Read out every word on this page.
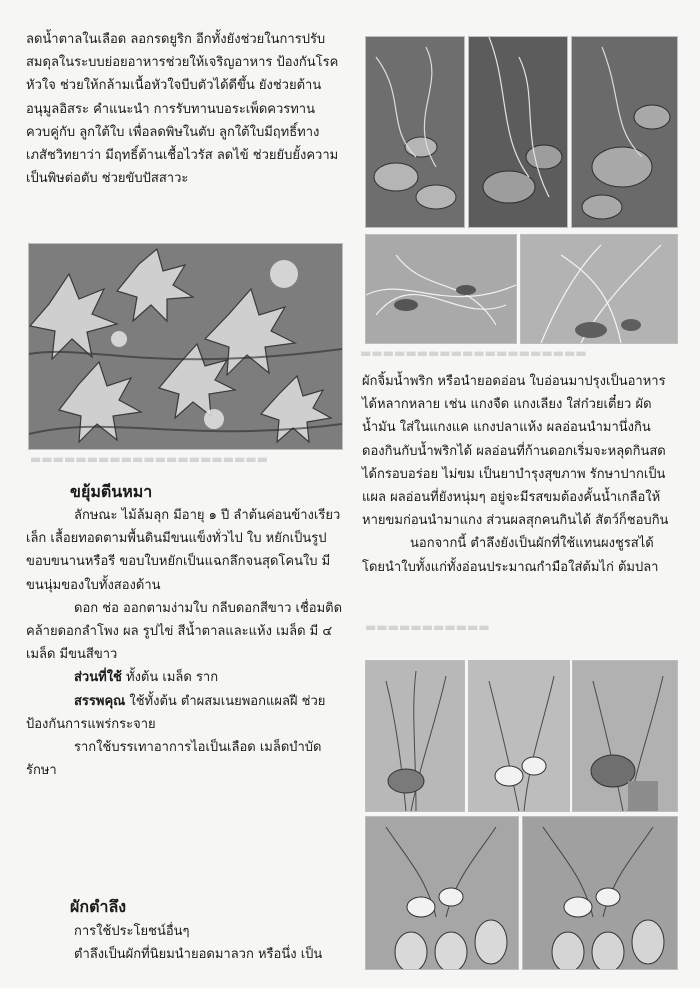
▬▬▬▬▬▬▬▬▬▬▬▬▬▬▬▬▬▬▬▬
▬▬▬▬▬▬▬▬▬▬▬▬▬▬▬▬▬▬▬▬▬
▬▬▬▬▬▬▬▬▬▬▬

ลดน้ำตาลในเลือด ลอกรดยูริก อีกทั้งยังช่วยในการปรับสมดุลในระบบย่อยอาหารช่วยให้เจริญอาหาร ป้องกันโรคหัวใจ ช่วยให้กล้ามเนื้อหัวใจบีบตัวได้ดีขึ้น ยังช่วยต้านอนุมูลอิสระ คำแนะนำ การรับทานบอระเพ็ดควรทานควบคู่กับ ลูกใต้ใบ เพื่อลดพิษในตับ ลูกใต้ใบมีฤทธิ์ทางเภสัชวิทยาว่า มีฤทธิ์ต้านเชื้อไวรัส ลดไข้ ช่วยยับยั้งความเป็นพิษต่อตับ ช่วยขับปัสสาวะ

ขยุ้มตีนหมา

ลักษณะ ไม้ล้มลุก มีอายุ ๑ ปี ลำต้นค่อนข้างเรียวเล็ก เลื้อยทอดตามพื้นดินมีขนแข็งทั่วไป ใบ หยักเป็นรูปขอบขนานหรือรี ขอบใบหยักเป็นแฉกลึกจนสุดโคนใบ มีขนนุ่มของใบทั้งสองด้าน

ดอก ช่อ ออกตามง่ามใบ กลีบดอกสีขาว เชื่อมติดคล้ายดอกลำโพง ผล รูปไข่ สีน้ำตาลและแห้ง เมล็ด มี ๔ เมล็ด มีขนสีขาว

ส่วนที่ใช้ ทั้งต้น เมล็ด ราก

สรรพคุณ ใช้ทั้งต้น ตำผสมเนยพอกแผลฝี ช่วยป้องกันการแพร่กระจาย

รากใช้บรรเทาอาการไอเป็นเลือด เมล็ดบำบัดรักษา

ผักตำลึง

การใช้ประโยชน์อื่นๆ

ตำลึงเป็นผักที่นิยมนำยอดมาลวก หรือนึ่ง เป็น

ผักจิ้มน้ำพริก หรือนำยอดอ่อน ใบอ่อนมาปรุงเป็นอาหารได้หลากหลาย เช่น แกงจืด แกงเลียง ใส่ก๋วยเตี๋ยว ผัดน้ำมัน ใส่ในแกงแค แกงปลาแห้ง ผลอ่อนนำมานึ่งกิน ดองกินกับน้ำพริกได้ ผลอ่อนที่ก้านดอกเริ่มจะหลุดกินสดได้กรอบอร่อย ไม่ขม เป็นยาบำรุงสุขภาพ รักษาปากเป็นแผล ผลอ่อนที่ยังหนุ่มๆ อยู่จะมีรสขมต้องคั้นน้ำเกลือให้หายขมก่อนนำมาแกง ส่วนผลสุกคนกินได้ สัตว์ก็ชอบกิน

นอกจากนี้ ตำลึงยังเป็นผักที่ใช้แทนผงชูรสได้ โดยนำใบทั้งแก่ทั้งอ่อนประมาณกำมือใส่ต้มไก่ ต้มปลา
